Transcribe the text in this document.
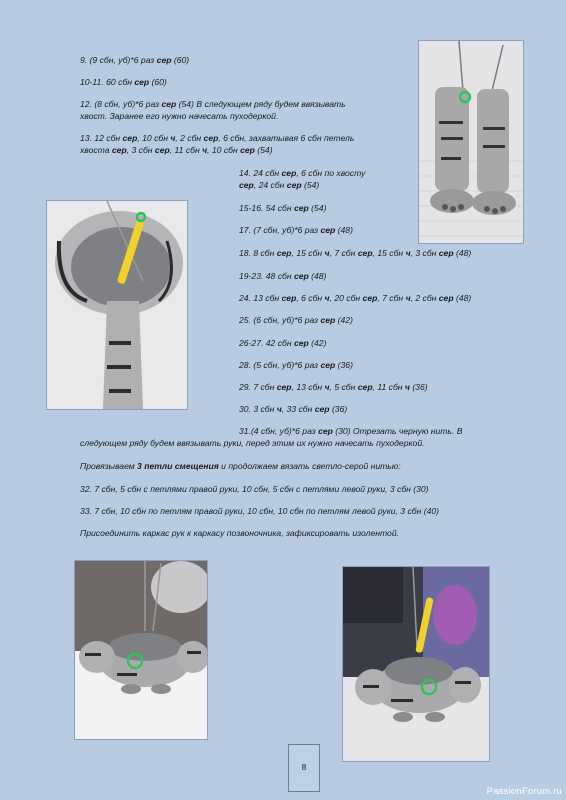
9. (9 сбн, уб)*6 раз сер (60)
10-11. 60 сбн сер (60)
12. (8 сбн, уб)*6 раз сер (54) В следующем ряду будем ввязывать
хвост. Заранее его нужно начесать пуходеркой.
13. 12 сбн сер, 10 сбн ч, 2 сбн сер, 6 сбн, захватывая 6 сбн петель
хвоста сер, 3 сбн сер, 11 сбн ч, 10 сбн сер (54)
14. 24 сбн сер, 6 сбн по хвосту
сер, 24 сбн сер (54)
15-16. 54 сбн сер (54)
17. (7 сбн, уб)*6 раз сер (48)
18. 8 сбн сер, 15 сбн ч, 7 сбн сер, 15 сбн ч, 3 сбн сер (48)
19-23. 48 сбн сер (48)
24. 13 сбн сер, 6 сбн ч, 20 сбн сер, 7 сбн ч, 2 сбн сер (48)
25. (6 сбн, уб)*6 раз сер (42)
26-27. 42 сбн сер (42)
28. (5 сбн, уб)*6 раз сер (36)
29. 7 сбн сер, 13 сбн ч, 5 сбн сер, 11 сбн ч (36)
30. 3 сбн ч, 33 сбн сер (36)
31.(4 сбн, уб)*6 раз сер (30) Отрезать черную нить. В
следующем ряду будем ввязывать руки, перед этим их нужно начесать пуходеркой.
Провязываем 3 петли смещения и продолжаем вязать светло-серой нитью:
32. 7 сбн, 5 сбн с петлями правой руки, 10 сбн, 5 сбн с петлями левой руки, 3 сбн (30)
33. 7 сбн, 10 сбн по петлям правой руки, 10 сбн, 10 сбн по петлям левой руки, 3 сбн (40)
Присоединить каркас рук к каркасу позвоночника, зафиксировать изолентой.
8
PassionForum.ru
